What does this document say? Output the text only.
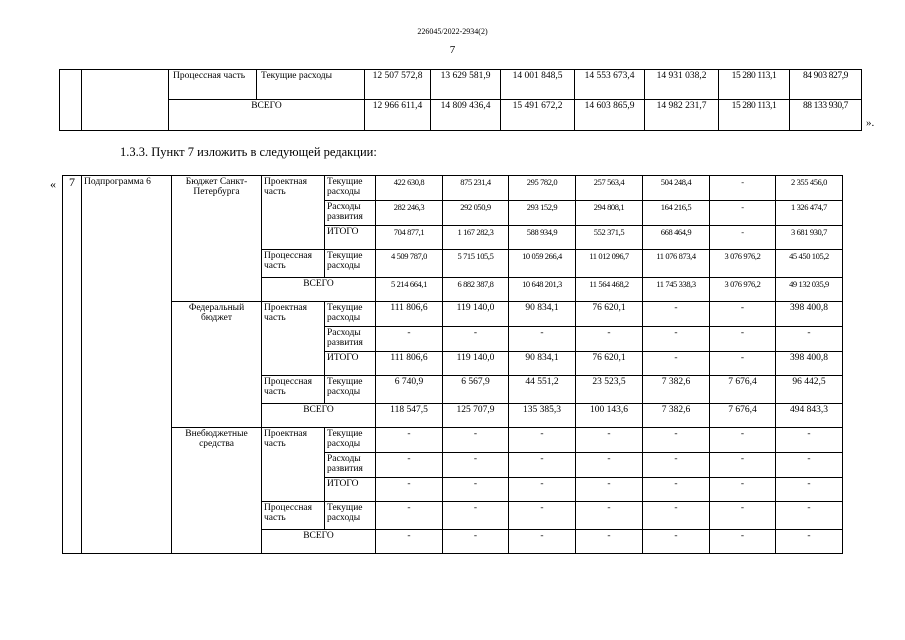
226045/2022-2934(2)
7
		Процессная часть	Текущие расходы	12 507 572,8	13 629 581,9	14 001 848,5	14 553 673,4	14 931 038,2	15 280 113,1	84 903 827,9
		ВСЕГО		12 966 611,4	14 809 436,4	15 491 672,2	14 603 865,9	14 982 231,7	15 280 113,1	88 133 930,7
».
1.3.3. Пункт 7 изложить в следующей редакции:
« 7	Подпрограмма 6	Бюджет Санкт-Петербурга	Проектная часть	Текущие расходы	422 630,8	875 231,4	295 782,0	257 563,4	504 248,4	-	2 355 456,0
				Расходы развития	282 246,3	292 050,9	293 152,9	294 808,1	164 216,5	-	1 326 474,7
				ИТОГО	704 877,1	1 167 282,3	588 934,9	552 371,5	668 464,9	-	3 681 930,7
			Процессная часть	Текущие расходы	4 509 787,0	5 715 105,5	10 059 266,4	11 012 096,7	11 076 873,4	3 076 976,2	45 450 105,2
			ВСЕГО		5 214 664,1	6 882 387,8	10 648 201,3	11 564 468,2	11 745 338,3	3 076 976,2	49 132 035,9
		Федеральный бюджет	Проектная часть	Текущие расходы	111 806,6	119 140,0	90 834,1	76 620,1	-	-	398 400,8
				Расходы развития	-	-	-	-	-	-	-
				ИТОГО	111 806,6	119 140,0	90 834,1	76 620,1	-	-	398 400,8
			Процессная часть	Текущие расходы	6 740,9	6 567,9	44 551,2	23 523,5	7 382,6	7 676,4	96 442,5
			ВСЕГО		118 547,5	125 707,9	135 385,3	100 143,6	7 382,6	7 676,4	494 843,3
		Внебюджетные средства	Проектная часть	Текущие расходы	-	-	-	-	-	-	-
				Расходы развития	-	-	-	-	-	-	-
				ИТОГО	-	-	-	-	-	-	-
			Процессная часть	Текущие расходы	-	-	-	-	-	-	-
			ВСЕГО		-	-	-	-	-	-	-
